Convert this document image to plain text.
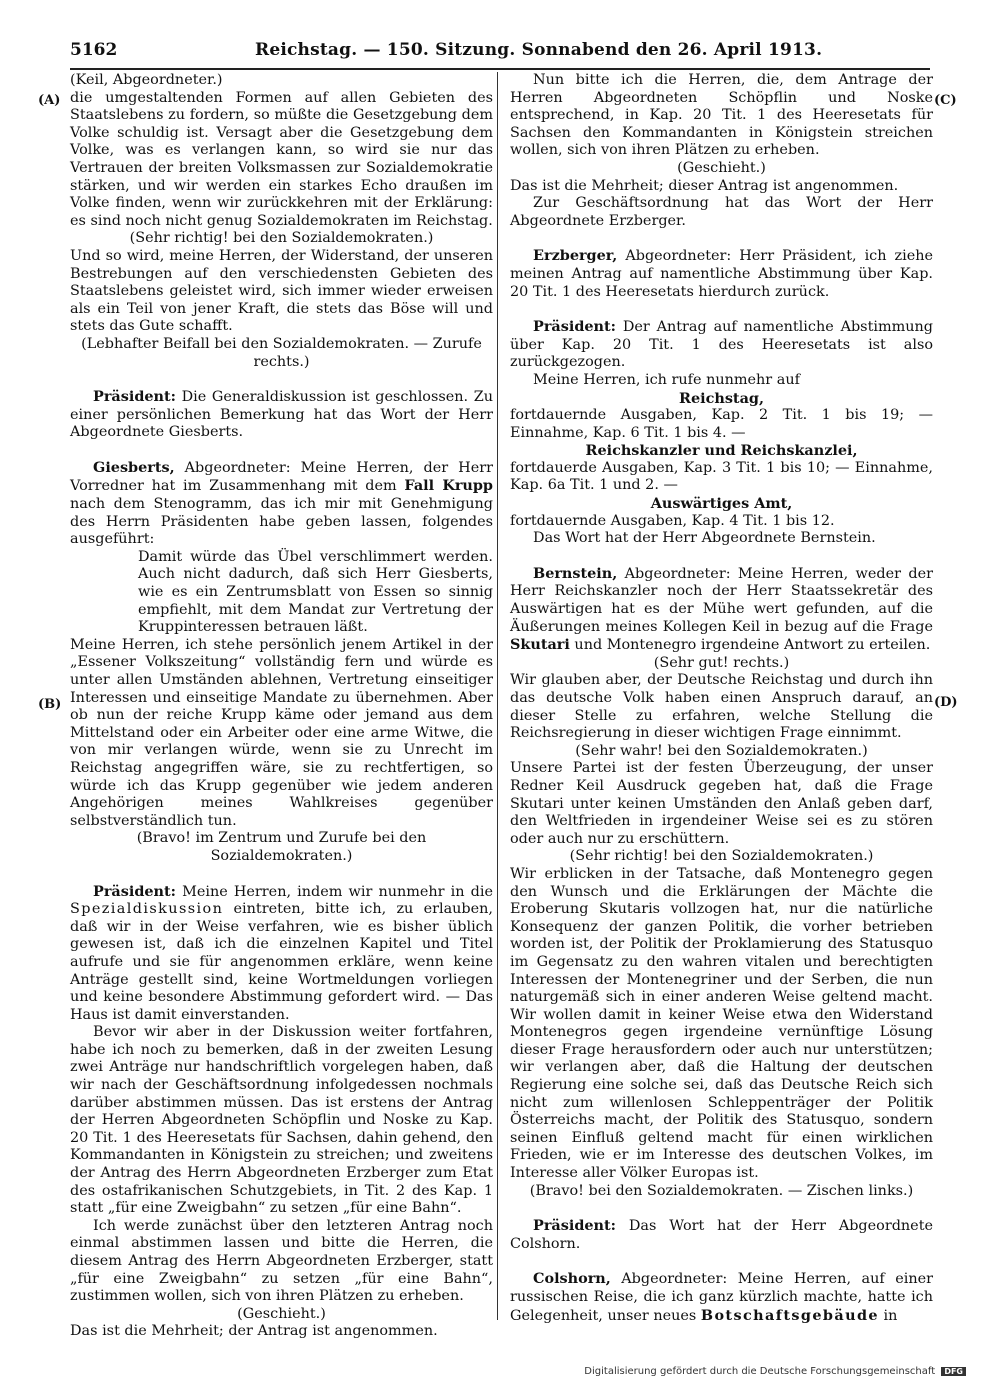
5162	Reichstag. — 150. Sitzung. Sonnabend den 26. April 1913.
(A)
(B)
(C)
(D)

(Keil, Abgeordneter.)

die umgestaltenden Formen auf allen Gebieten des Staatslebens zu fordern, so müßte die Gesetzgebung dem Volke schuldig ist. Versagt aber die Gesetzgebung dem Volke, was es verlangen kann, so wird sie nur das Vertrauen der breiten Volksmassen zur Sozialdemokratie stärken, und wir werden ein starkes Echo draußen im Volke finden, wenn wir zurückkehren mit der Erklärung: es sind noch nicht genug Sozialdemokraten im Reichstag.

(Sehr richtig! bei den Sozialdemokraten.)

Und so wird, meine Herren, der Widerstand, der unseren Bestrebungen auf den verschiedensten Gebieten des Staatslebens geleistet wird, sich immer wieder erweisen als ein Teil von jener Kraft, die stets das Böse will und stets das Gute schafft.

(Lebhafter Beifall bei den Sozialdemokraten. — Zurufe rechts.)

Präsident: Die Generaldiskussion ist geschlossen. Zu einer persönlichen Bemerkung hat das Wort der Herr Abgeordnete Giesberts.

Giesberts, Abgeordneter: Meine Herren, der Herr Vorredner hat im Zusammenhang mit dem Fall Krupp nach dem Stenogramm, das ich mir mit Genehmigung des Herrn Präsidenten habe geben lassen, folgendes ausgeführt:

Damit würde das Übel verschlimmert werden. Auch nicht dadurch, daß sich Herr Giesberts, wie es ein Zentrumsblatt von Essen so sinnig empfiehlt, mit dem Mandat zur Vertretung der Kruppinteressen betrauen läßt.

Meine Herren, ich stehe persönlich jenem Artikel in der „Essener Volkszeitung“ vollständig fern und würde es unter allen Umständen ablehnen, Vertretung einseitiger Interessen und einseitige Mandate zu übernehmen. Aber ob nun der reiche Krupp käme oder jemand aus dem Mittelstand oder ein Arbeiter oder eine arme Witwe, die von mir verlangen würde, wenn sie zu Unrecht im Reichstag angegriffen wäre, sie zu rechtfertigen, so würde ich das Krupp gegenüber wie jedem anderen Angehörigen meines Wahlkreises gegenüber selbstverständlich tun.

(Bravo! im Zentrum und Zurufe bei den Sozialdemokraten.)

Präsident: Meine Herren, indem wir nunmehr in die Spezialdiskussion eintreten, bitte ich, zu erlauben, daß wir in der Weise verfahren, wie es bisher üblich gewesen ist, daß ich die einzelnen Kapitel und Titel aufrufe und sie für angenommen erkläre, wenn keine Anträge gestellt sind, keine Wortmeldungen vorliegen und keine besondere Abstimmung gefordert wird. — Das Haus ist damit einverstanden.

Bevor wir aber in der Diskussion weiter fortfahren, habe ich noch zu bemerken, daß in der zweiten Lesung zwei Anträge nur handschriftlich vorgelegen haben, daß wir nach der Geschäftsordnung infolgedessen nochmals darüber abstimmen müssen. Das ist erstens der Antrag der Herren Abgeordneten Schöpflin und Noske zu Kap. 20 Tit. 1 des Heeresetats für Sachsen, dahin gehend, den Kommandanten in Königstein zu streichen; und zweitens der Antrag des Herrn Abgeordneten Erzberger zum Etat des ostafrikanischen Schutzgebiets, in Tit. 2 des Kap. 1 statt „für eine Zweigbahn“ zu setzen „für eine Bahn“.

Ich werde zunächst über den letzteren Antrag noch einmal abstimmen lassen und bitte die Herren, die diesem Antrag des Herrn Abgeordneten Erzberger, statt „für eine Zweigbahn“ zu setzen „für eine Bahn“, zustimmen wollen, sich von ihren Plätzen zu erheben.

(Geschieht.)

Das ist die Mehrheit; der Antrag ist angenommen.

Nun bitte ich die Herren, die, dem Antrage der Herren Abgeordneten Schöpflin und Noske entsprechend, in Kap. 20 Tit. 1 des Heeresetats für Sachsen den Kommandanten in Königstein streichen wollen, sich von ihren Plätzen zu erheben.

(Geschieht.)

Das ist die Mehrheit; dieser Antrag ist angenommen.

Zur Geschäftsordnung hat das Wort der Herr Abgeordnete Erzberger.

Erzberger, Abgeordneter: Herr Präsident, ich ziehe meinen Antrag auf namentliche Abstimmung über Kap. 20 Tit. 1 des Heeresetats hierdurch zurück.

Präsident: Der Antrag auf namentliche Abstimmung über Kap. 20 Tit. 1 des Heeresetats ist also zurückgezogen.

Meine Herren, ich rufe nunmehr auf

Reichstag,

fortdauernde Ausgaben, Kap. 2 Tit. 1 bis 19; — Einnahme, Kap. 6 Tit. 1 bis 4. —

Reichskanzler und Reichskanzlei,

fortdauerde Ausgaben, Kap. 3 Tit. 1 bis 10; — Einnahme, Kap. 6a Tit. 1 und 2. —

Auswärtiges Amt,

fortdauernde Ausgaben, Kap. 4 Tit. 1 bis 12.

Das Wort hat der Herr Abgeordnete Bernstein.

Bernstein, Abgeordneter: Meine Herren, weder der Herr Reichskanzler noch der Herr Staatssekretär des Auswärtigen hat es der Mühe wert gefunden, auf die Äußerungen meines Kollegen Keil in bezug auf die Frage Skutari und Montenegro irgendeine Antwort zu erteilen.

(Sehr gut! rechts.)

Wir glauben aber, der Deutsche Reichstag und durch ihn das deutsche Volk haben einen Anspruch darauf, an dieser Stelle zu erfahren, welche Stellung die Reichsregierung in dieser wichtigen Frage einnimmt.

(Sehr wahr! bei den Sozialdemokraten.)

Unsere Partei ist der festen Überzeugung, der unser Redner Keil Ausdruck gegeben hat, daß die Frage Skutari unter keinen Umständen den Anlaß geben darf, den Weltfrieden in irgendeiner Weise sei es zu stören oder auch nur zu erschüttern.

(Sehr richtig! bei den Sozialdemokraten.)

Wir erblicken in der Tatsache, daß Montenegro gegen den Wunsch und die Erklärungen der Mächte die Eroberung Skutaris vollzogen hat, nur die natürliche Konsequenz der ganzen Politik, die vorher betrieben worden ist, der Politik der Proklamierung des Statusquo im Gegensatz zu den wahren vitalen und berechtigten Interessen der Montenegriner und der Serben, die nun naturgemäß sich in einer anderen Weise geltend macht. Wir wollen damit in keiner Weise etwa den Widerstand Montenegros gegen irgendeine vernünftige Lösung dieser Frage herausfordern oder auch nur unterstützen; wir verlangen aber, daß die Haltung der deutschen Regierung eine solche sei, daß das Deutsche Reich sich nicht zum willenlosen Schleppenträger der Politik Österreichs macht, der Politik des Statusquo, sondern seinen Einfluß geltend macht für einen wirklichen Frieden, wie er im Interesse des deutschen Volkes, im Interesse aller Völker Europas ist.

(Bravo! bei den Sozialdemokraten. — Zischen links.)

Präsident: Das Wort hat der Herr Abgeordnete Colshorn.

Colshorn, Abgeordneter: Meine Herren, auf einer russischen Reise, die ich ganz kürzlich machte, hatte ich Gelegenheit, unser neues Botschaftsgebäude in

Digitalisierung gefördert durch die Deutsche Forschungsgemeinschaft DFG
